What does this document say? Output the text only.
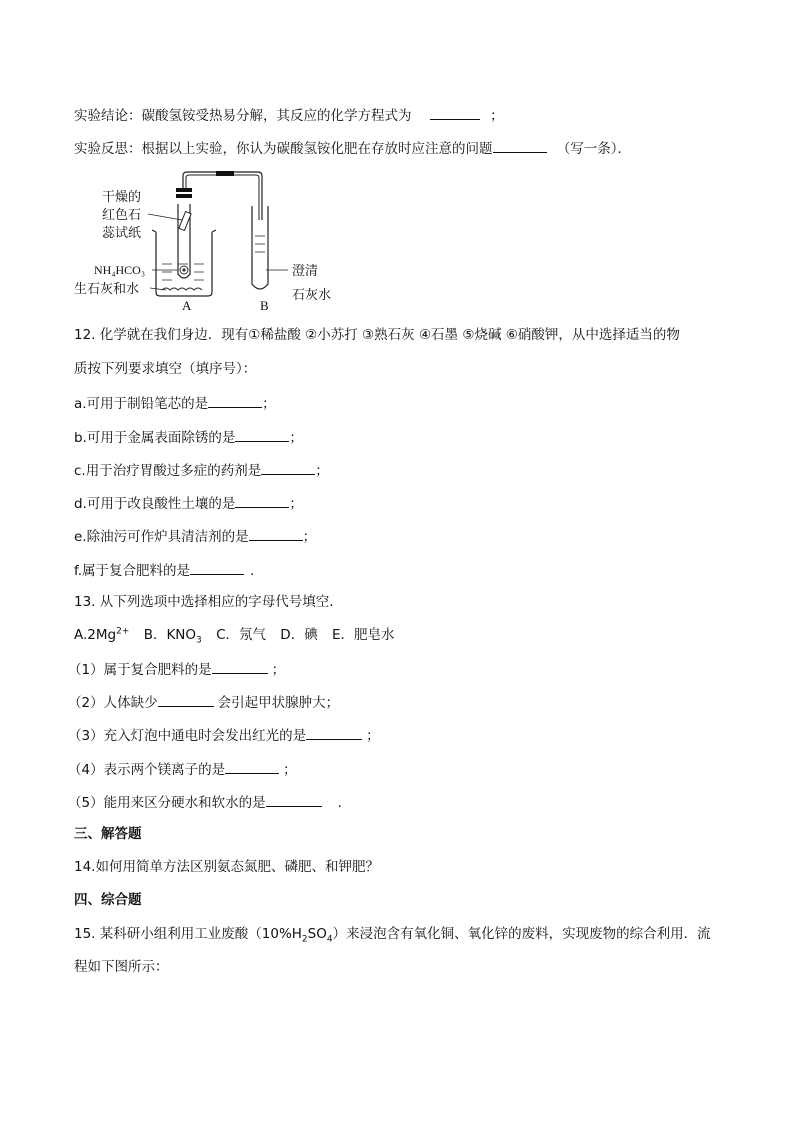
实验结论：碳酸氢铵受热易分解，其反应的化学方程式为	；
实验反思：根据以上实验，你认为碳酸氢铵化肥在存放时应注意的问题	（写一条）．
干燥的
红色石
蕊试纸
NH₄HCO₃
生石灰和水
A	B
澄清
石灰水
12. 化学就在我们身边．现有①稀盐酸 ②小苏打 ③熟石灰 ④石墨 ⑤烧碱 ⑥硝酸钾，从中选择适当的物
质按下列要求填空（填序号）：
a.可用于制铅笔芯的是	；
b.可用于金属表面除锈的是	；
c.用于治疗胃酸过多症的药剂是	；
d.可用于改良酸性土壤的是	；
e.除油污可作炉具清洁剂的是	；
f.属于复合肥料的是	．
13. 从下列选项中选择相应的字母代号填空．
$A.2Mg^{2+}$ B．$KNO_3$ C．氖气 D．碘 E．肥皂水
（1）属于复合肥料的是	；
（2）人体缺少	会引起甲状腺肿大；
（3）充入灯泡中通电时会发出红光的是	；
（4）表示两个镁离子的是	；
（5）能用来区分硬水和软水的是	．
三、解答题
14.如何用简单方法区别氨态氮肥、磷肥、和钾肥？
四、综合题
15. 某科研小组利用工业废酸$(10\%H_2SO_4)$来浸泡含有氧化铜、氧化锌的废料，实现废物的综合利用．流
程如下图所示：
